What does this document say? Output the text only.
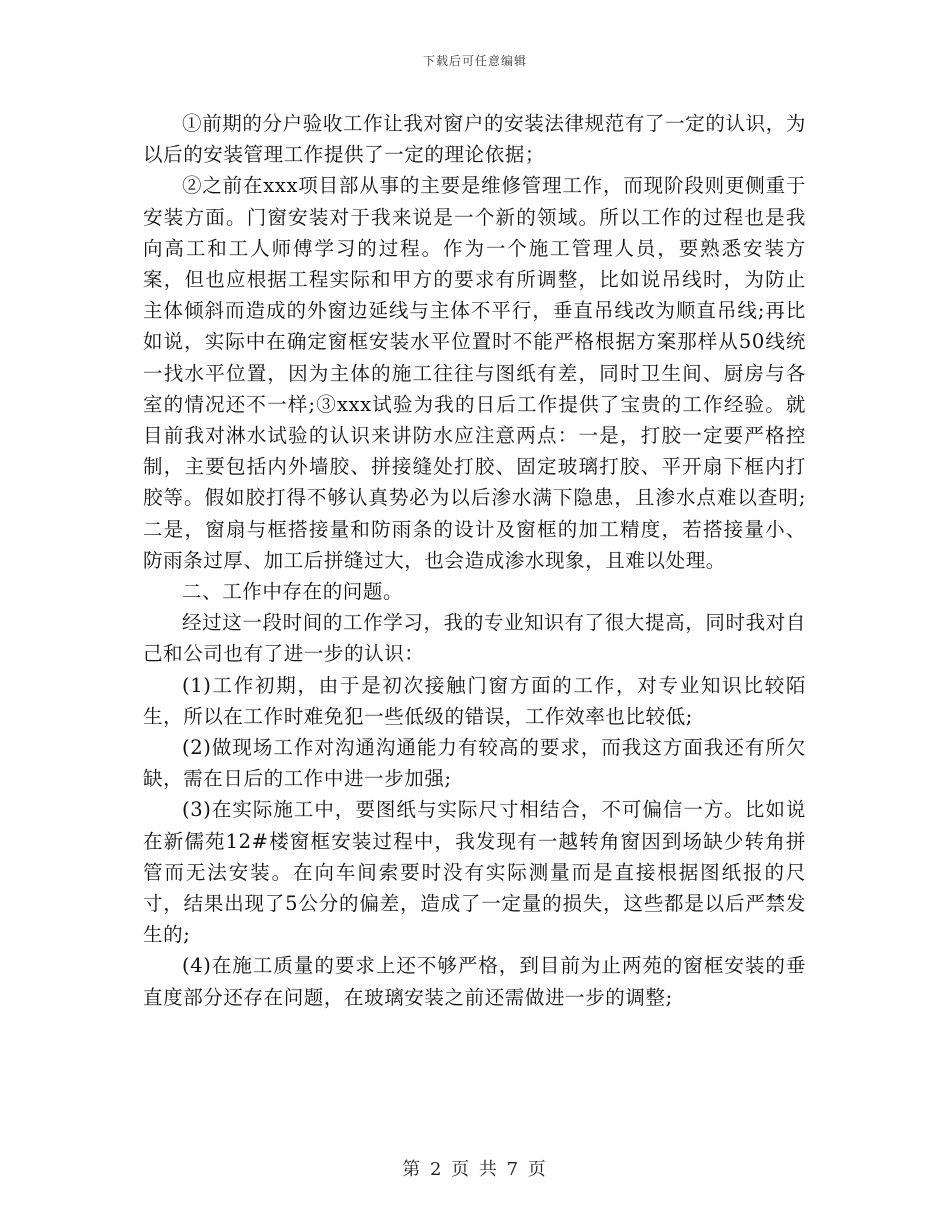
下载后可任意编辑

①前期的分户验收工作让我对窗户的安装法律规范有了一定的认识，为以后的安装管理工作提供了一定的理论依据；

②之前在xxx项目部从事的主要是维修管理工作，而现阶段则更侧重于安装方面。门窗安装对于我来说是一个新的领域。所以工作的过程也是我向高工和工人师傅学习的过程。作为一个施工管理人员，要熟悉安装方案，但也应根据工程实际和甲方的要求有所调整，比如说吊线时，为防止主体倾斜而造成的外窗边延线与主体不平行，垂直吊线改为顺直吊线;再比如说，实际中在确定窗框安装水平位置时不能严格根据方案那样从50线统一找水平位置，因为主体的施工往往与图纸有差，同时卫生间、厨房与各室的情况还不一样;③xxx试验为我的日后工作提供了宝贵的工作经验。就目前我对淋水试验的认识来讲防水应注意两点：一是，打胶一定要严格控制，主要包括内外墙胶、拼接缝处打胶、固定玻璃打胶、平开扇下框内打胶等。假如胶打得不够认真势必为以后渗水满下隐患，且渗水点难以查明;二是，窗扇与框搭接量和防雨条的设计及窗框的加工精度，若搭接量小、防雨条过厚、加工后拼缝过大，也会造成渗水现象，且难以处理。

二、工作中存在的问题。

经过这一段时间的工作学习，我的专业知识有了很大提高，同时我对自己和公司也有了进一步的认识：

(1)工作初期，由于是初次接触门窗方面的工作，对专业知识比较陌生，所以在工作时难免犯一些低级的错误，工作效率也比较低;

(2)做现场工作对沟通沟通能力有较高的要求，而我这方面我还有所欠缺，需在日后的工作中进一步加强;

(3)在实际施工中，要图纸与实际尺寸相结合，不可偏信一方。比如说在新儒苑12#楼窗框安装过程中，我发现有一越转角窗因到场缺少转角拼管而无法安装。在向车间索要时没有实际测量而是直接根据图纸报的尺寸，结果出现了5公分的偏差，造成了一定量的损失，这些都是以后严禁发生的;

(4)在施工质量的要求上还不够严格，到目前为止两苑的窗框安装的垂直度部分还存在问题，在玻璃安装之前还需做进一步的调整;

第 2 页 共 7 页
